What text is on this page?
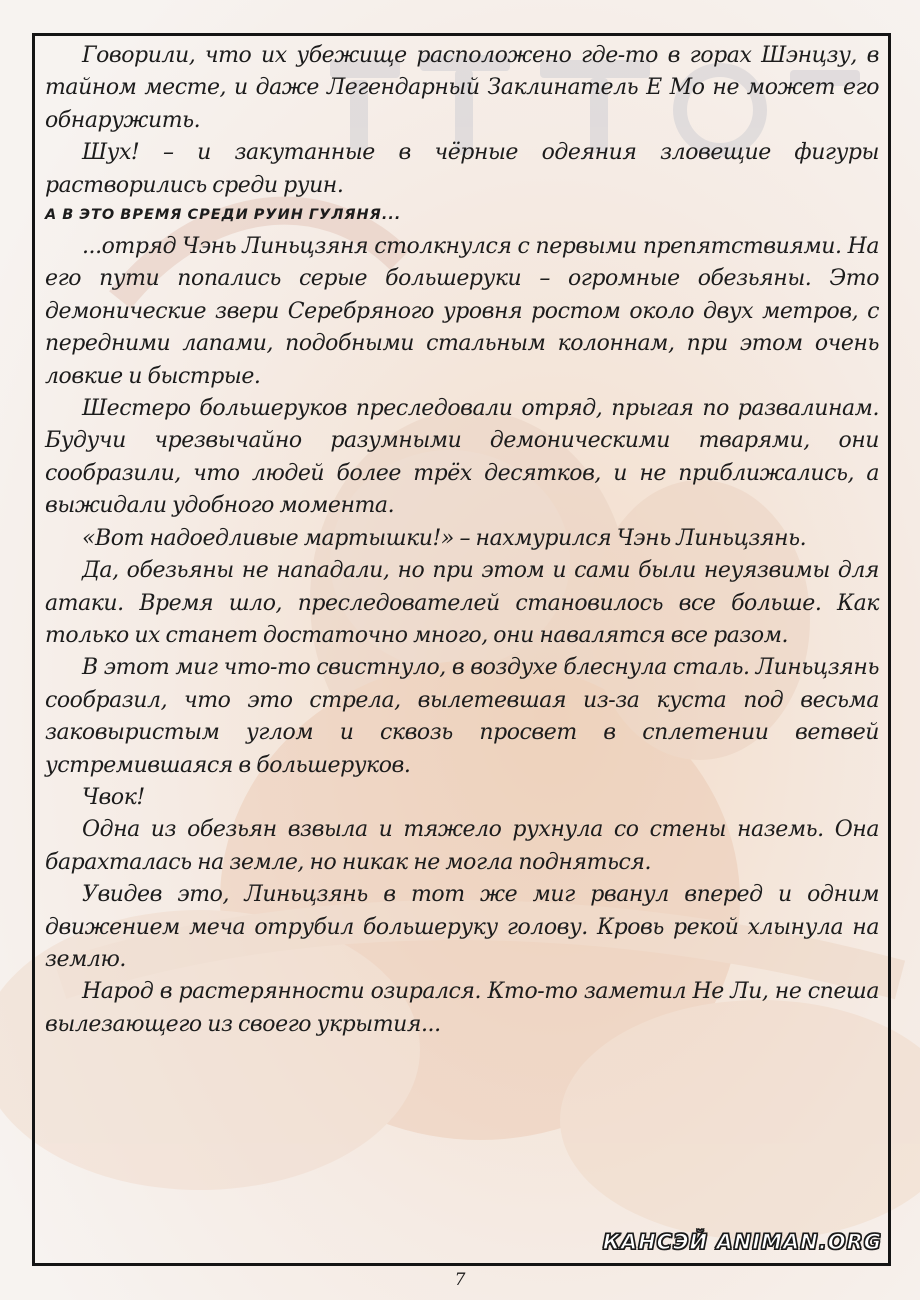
Говорили, что их убежище расположено где-то в горах Шэнцзу, в тайном месте, и даже Легендарный Заклинатель Е Мо не может его обнаружить.

Шух! – и закутанные в чёрные одеяния зловещие фигуры растворились среди руин.

А В ЭТО ВРЕМЯ СРЕДИ РУИН ГУЛЯНЯ...

...отряд Чэнь Линьцзяня столкнулся с первыми препятствиями. На его пути попались серые большеруки – огромные обезьяны. Это демонические звери Серебряного уровня ростом около двух метров, с передними лапами, подобными стальным колоннам, при этом очень ловкие и быстрые.

Шестеро большеруков преследовали отряд, прыгая по развалинам. Будучи чрезвычайно разумными демоническими тварями, они сообразили, что людей более трёх десятков, и не приближались, а выжидали удобного момента.

«Вот надоедливые мартышки!» – нахмурился Чэнь Линьцзянь.

Да, обезьяны не нападали, но при этом и сами были неуязвимы для атаки. Время шло, преследователей становилось все больше. Как только их станет достаточно много, они навалятся все разом.

В этот миг что-то свистнуло, в воздухе блеснула сталь. Линьцзянь сообразил, что это стрела, вылетевшая из-за куста под весьма заковыристым углом и сквозь просвет в сплетении ветвей устремившаяся в большеруков.

Чвок!

Одна из обезьян взвыла и тяжело рухнула со стены наземь. Она барахталась на земле, но никак не могла подняться.

Увидев это, Линьцзянь в тот же миг рванул вперед и одним движением меча отрубил большеруку голову. Кровь рекой хлынула на землю.

Народ в растерянности озирался. Кто-то заметил Не Ли, не спеша вылезающего из своего укрытия...

КАНСЭЙ ANIMAN.ORG
7
